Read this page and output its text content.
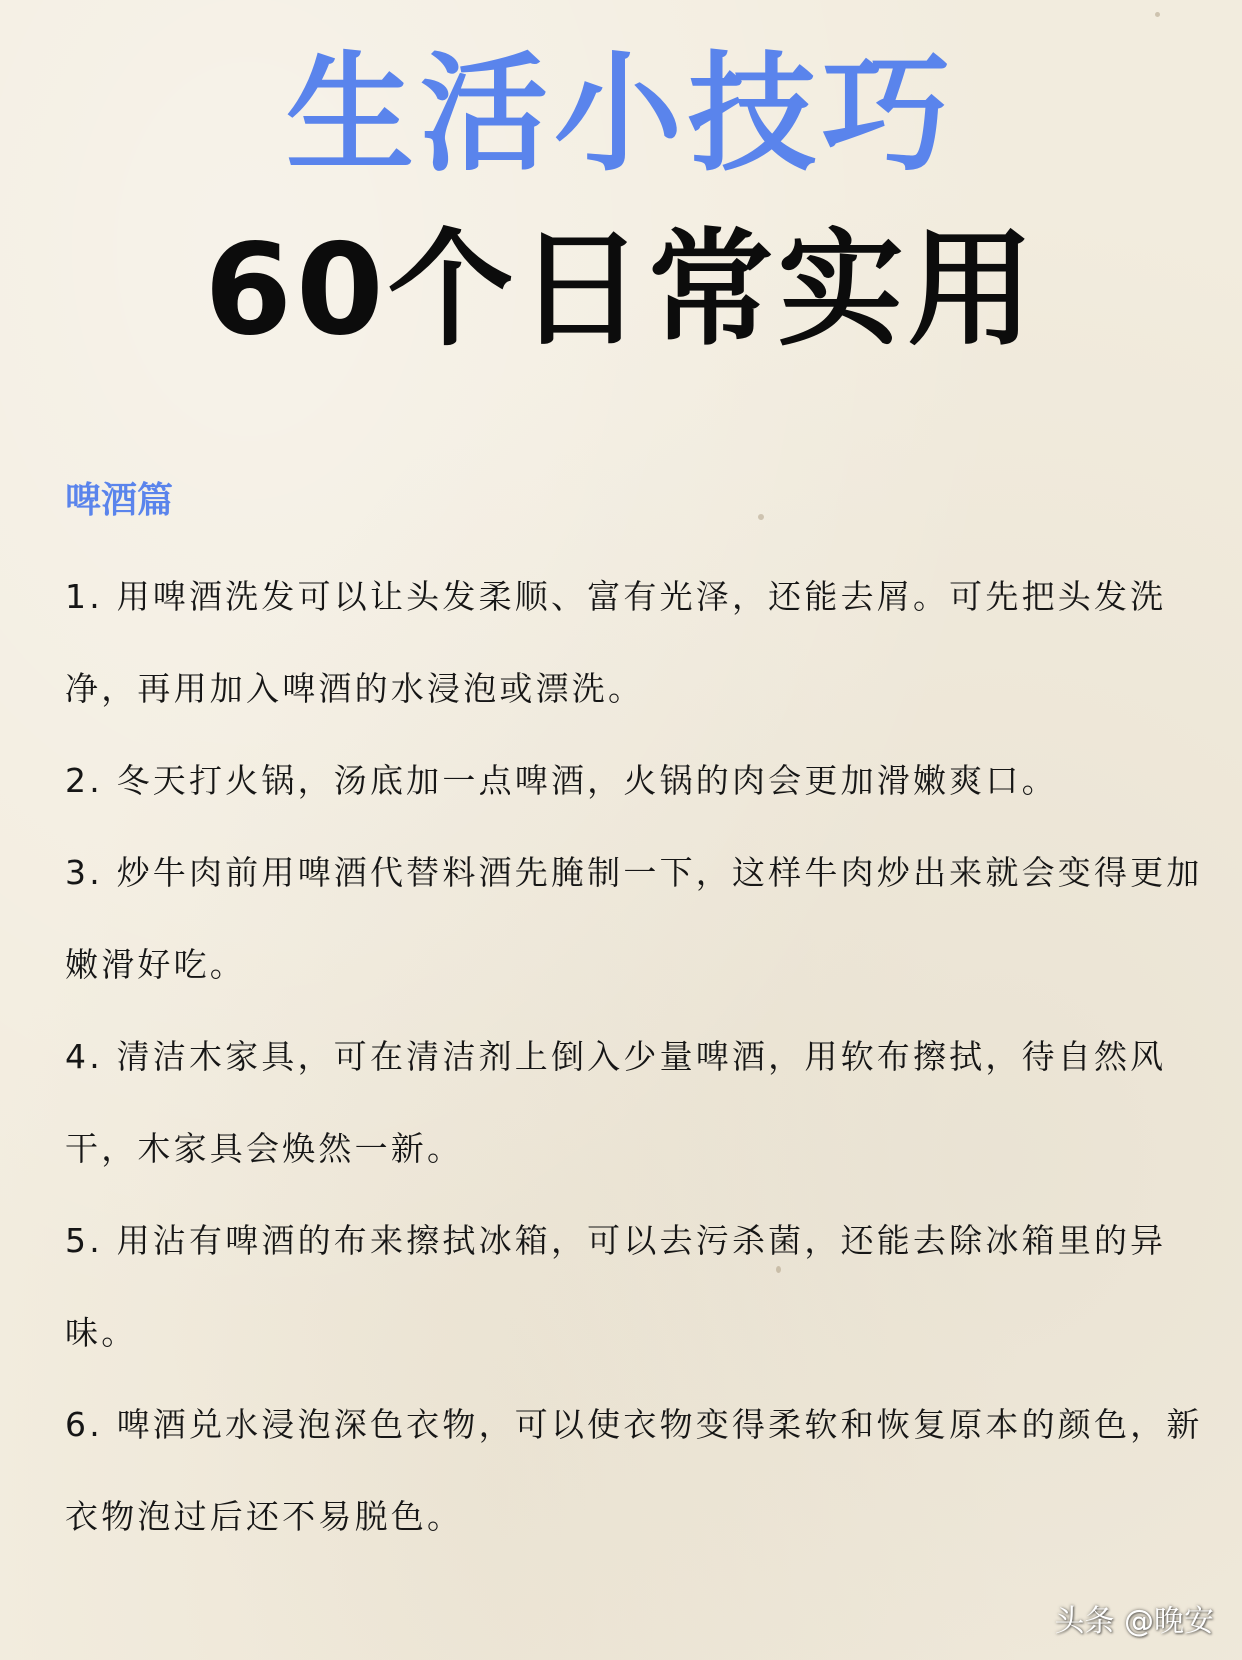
生活小技巧
60个日常实用
啤酒篇
1. 用啤酒洗发可以让头发柔顺、富有光泽，还能去屑。可先把头发洗净，再用加入啤酒的水浸泡或漂洗。
2. 冬天打火锅，汤底加一点啤酒，火锅的肉会更加滑嫩爽口。
3. 炒牛肉前用啤酒代替料酒先腌制一下，这样牛肉炒出来就会变得更加嫩滑好吃。
4. 清洁木家具，可在清洁剂上倒入少量啤酒，用软布擦拭，待自然风干，木家具会焕然一新。
5. 用沾有啤酒的布来擦拭冰箱，可以去污杀菌，还能去除冰箱里的异味。
6. 啤酒兑水浸泡深色衣物，可以使衣物变得柔软和恢复原本的颜色，新衣物泡过后还不易脱色。
头条 @晚安
